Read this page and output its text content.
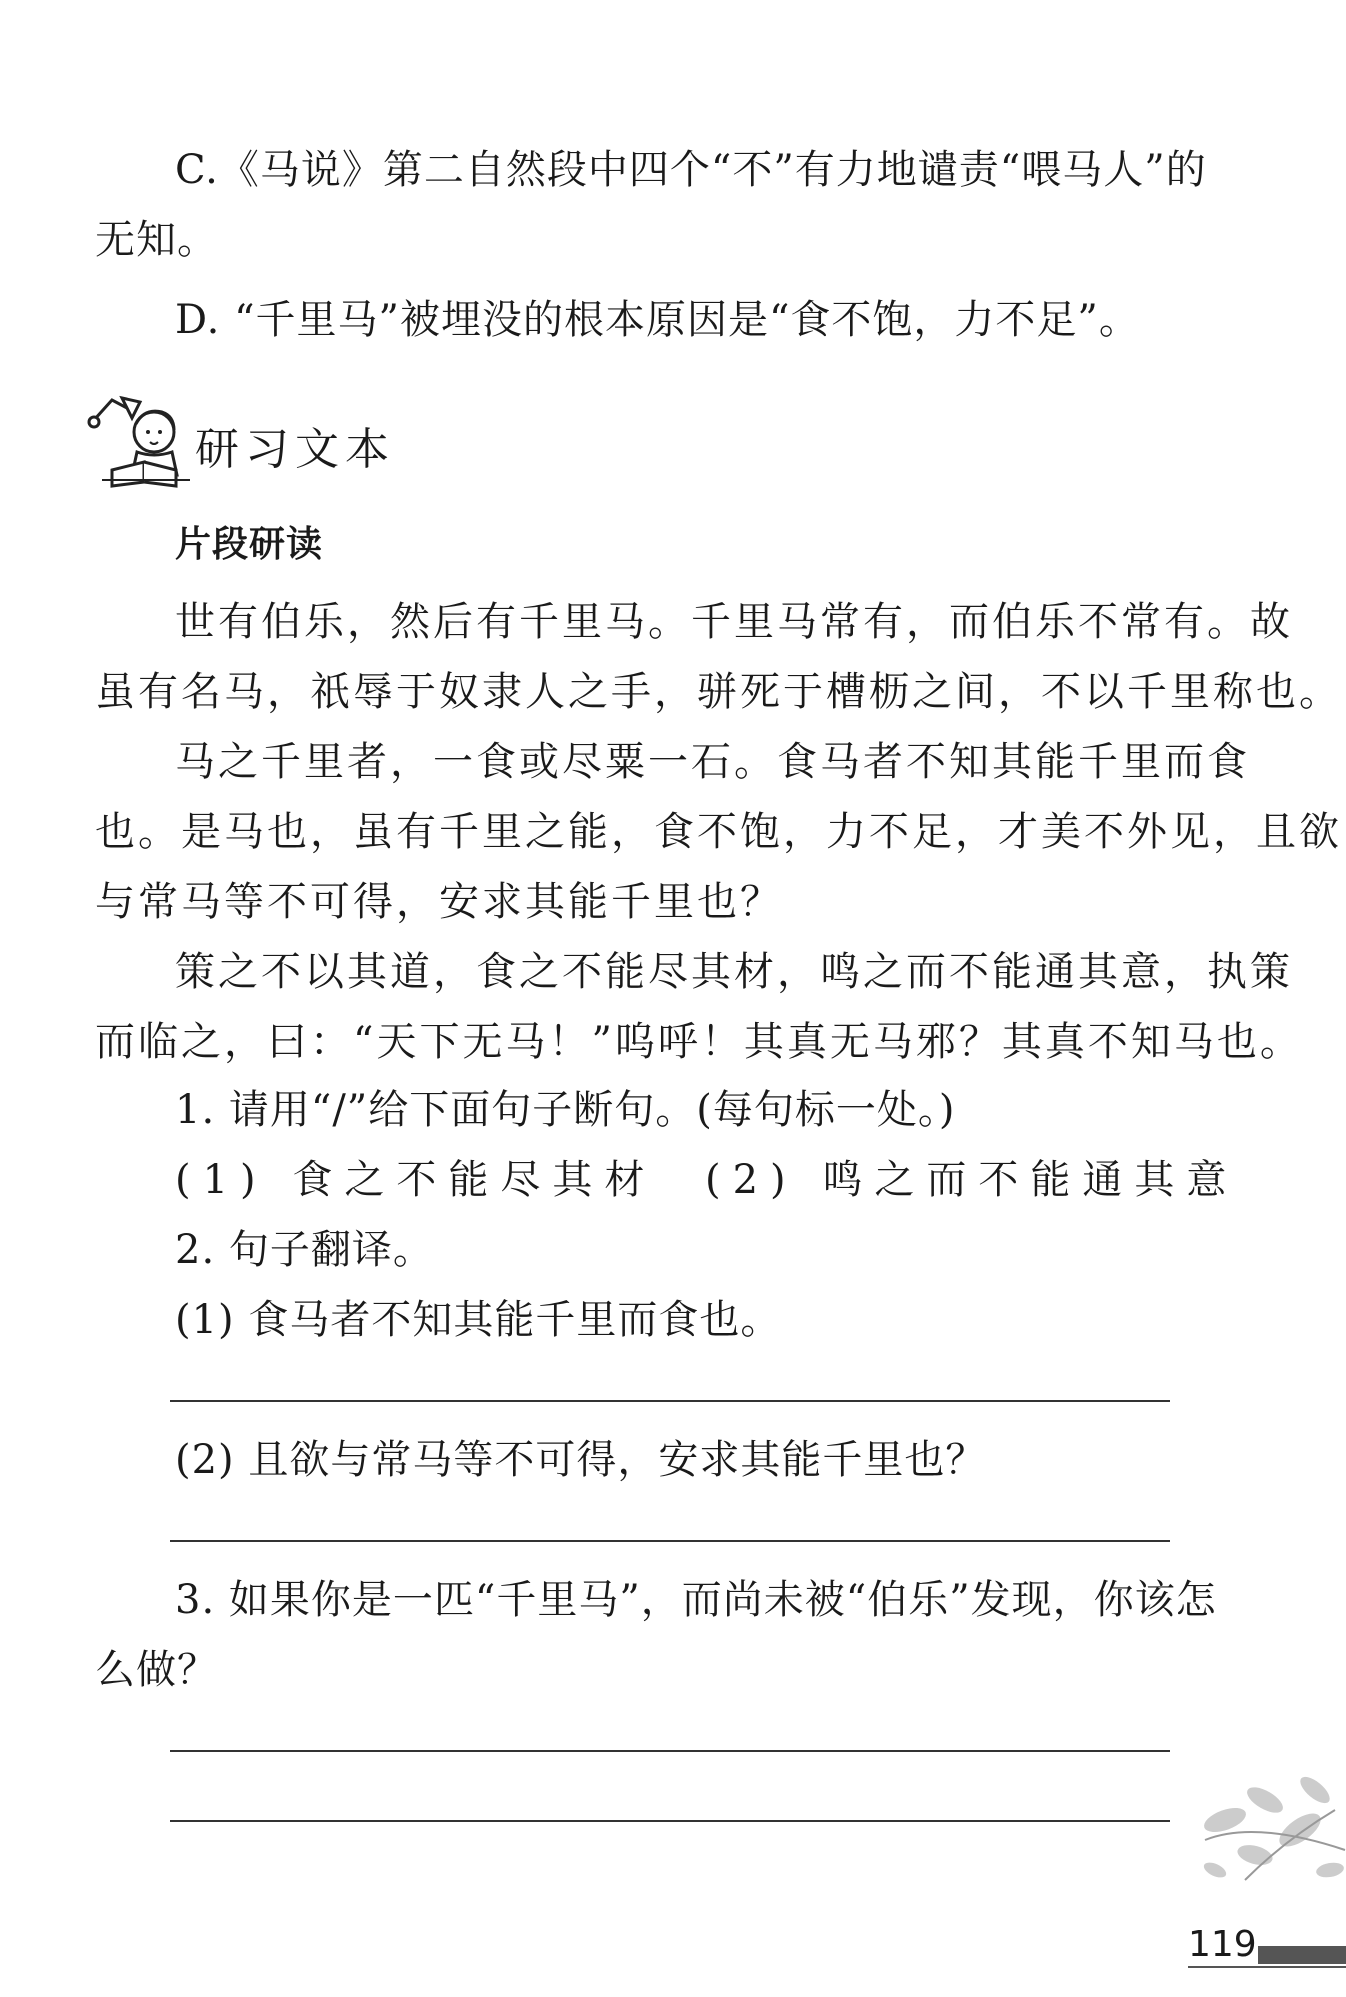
C.《马说》第二自然段中四个“不”有力地谴责“喂马人”的
无知。
D. “千里马”被埋没的根本原因是“食不饱，力不足”。
研习文本
片段研读
世有伯乐，然后有千里马。千里马常有，而伯乐不常有。故
虽有名马，祇辱于奴隶人之手，骈死于槽枥之间，不以千里称也。
马之千里者，一食或尽粟一石。食马者不知其能千里而食
也。是马也，虽有千里之能，食不饱，力不足，才美不外见，且欲
与常马等不可得，安求其能千里也？
策之不以其道，食之不能尽其材，鸣之而不能通其意，执策
而临之，曰：“天下无马！”呜呼！其真无马邪？其真不知马也。
1. 请用“/”给下面句子断句。(每句标一处。)
(1) 食之不能尽其材 (2) 鸣之而不能通其意
2. 句子翻译。
(1) 食马者不知其能千里而食也。
(2) 且欲与常马等不可得，安求其能千里也？
3. 如果你是一匹“千里马”，而尚未被“伯乐”发现，你该怎
么做？
119
